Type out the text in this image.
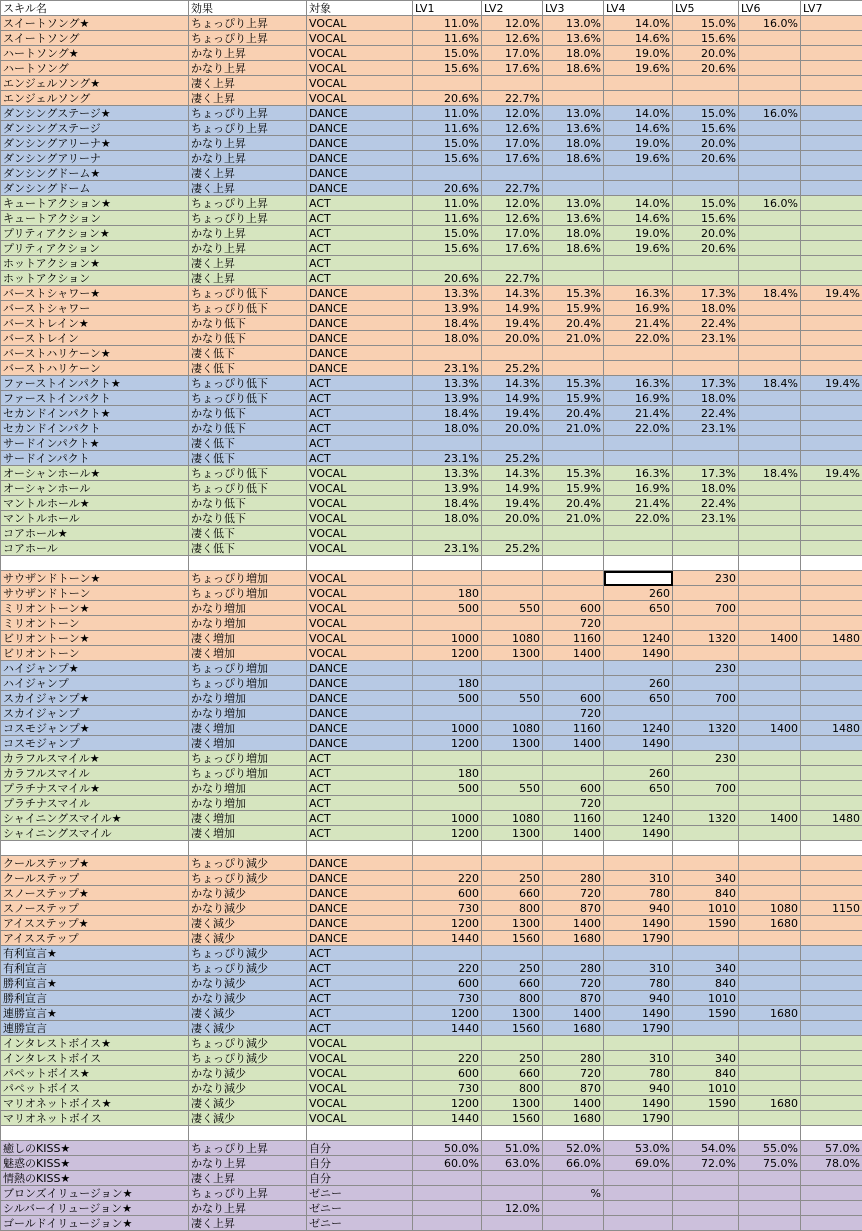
スキル名	効果	対象	LV1	LV2	LV3	LV4	LV5	LV6	LV7
スイートソング★	ちょっぴり上昇	VOCAL	11.0%	12.0%	13.0%	14.0%	15.0%	16.0%	
スイートソング	ちょっぴり上昇	VOCAL	11.6%	12.6%	13.6%	14.6%	15.6%		
ハートソング★	かなり上昇	VOCAL	15.0%	17.0%	18.0%	19.0%	20.0%		
ハートソング	かなり上昇	VOCAL	15.6%	17.6%	18.6%	19.6%	20.6%		
エンジェルソング★	凄く上昇	VOCAL							
エンジェルソング	凄く上昇	VOCAL	20.6%	22.7%					
ダンシングステージ★	ちょっぴり上昇	DANCE	11.0%	12.0%	13.0%	14.0%	15.0%	16.0%	
ダンシングステージ	ちょっぴり上昇	DANCE	11.6%	12.6%	13.6%	14.6%	15.6%		
ダンシングアリーナ★	かなり上昇	DANCE	15.0%	17.0%	18.0%	19.0%	20.0%		
ダンシングアリーナ	かなり上昇	DANCE	15.6%	17.6%	18.6%	19.6%	20.6%		
ダンシングドーム★	凄く上昇	DANCE							
ダンシングドーム	凄く上昇	DANCE	20.6%	22.7%					
キュートアクション★	ちょっぴり上昇	ACT	11.0%	12.0%	13.0%	14.0%	15.0%	16.0%	
キュートアクション	ちょっぴり上昇	ACT	11.6%	12.6%	13.6%	14.6%	15.6%		
プリティアクション★	かなり上昇	ACT	15.0%	17.0%	18.0%	19.0%	20.0%		
プリティアクション	かなり上昇	ACT	15.6%	17.6%	18.6%	19.6%	20.6%		
ホットアクション★	凄く上昇	ACT							
ホットアクション	凄く上昇	ACT	20.6%	22.7%					
バーストシャワー★	ちょっぴり低下	DANCE	13.3%	14.3%	15.3%	16.3%	17.3%	18.4%	19.4%
バーストシャワー	ちょっぴり低下	DANCE	13.9%	14.9%	15.9%	16.9%	18.0%		
バーストレイン★	かなり低下	DANCE	18.4%	19.4%	20.4%	21.4%	22.4%		
バーストレイン	かなり低下	DANCE	18.0%	20.0%	21.0%	22.0%	23.1%		
バーストハリケーン★	凄く低下	DANCE							
バーストハリケーン	凄く低下	DANCE	23.1%	25.2%					
ファーストインパクト★	ちょっぴり低下	ACT	13.3%	14.3%	15.3%	16.3%	17.3%	18.4%	19.4%
ファーストインパクト	ちょっぴり低下	ACT	13.9%	14.9%	15.9%	16.9%	18.0%		
セカンドインパクト★	かなり低下	ACT	18.4%	19.4%	20.4%	21.4%	22.4%		
セカンドインパクト	かなり低下	ACT	18.0%	20.0%	21.0%	22.0%	23.1%		
サードインパクト★	凄く低下	ACT							
サードインパクト	凄く低下	ACT	23.1%	25.2%					
オーシャンホール★	ちょっぴり低下	VOCAL	13.3%	14.3%	15.3%	16.3%	17.3%	18.4%	19.4%
オーシャンホール	ちょっぴり低下	VOCAL	13.9%	14.9%	15.9%	16.9%	18.0%		
マントルホール★	かなり低下	VOCAL	18.4%	19.4%	20.4%	21.4%	22.4%		
マントルホール	かなり低下	VOCAL	18.0%	20.0%	21.0%	22.0%	23.1%		
コアホール★	凄く低下	VOCAL							
コアホール	凄く低下	VOCAL	23.1%	25.2%					

サウザンドトーン★	ちょっぴり増加	VOCAL					230		
サウザンドトーン	ちょっぴり増加	VOCAL	180			260			
ミリオントーン★	かなり増加	VOCAL	500	550	600	650	700		
ミリオントーン	かなり増加	VOCAL			720				
ビリオントーン★	凄く増加	VOCAL	1000	1080	1160	1240	1320	1400	1480
ビリオントーン	凄く増加	VOCAL	1200	1300	1400	1490			
ハイジャンプ★	ちょっぴり増加	DANCE					230		
ハイジャンプ	ちょっぴり増加	DANCE	180			260			
スカイジャンプ★	かなり増加	DANCE	500	550	600	650	700		
スカイジャンプ	かなり増加	DANCE			720				
コスモジャンプ★	凄く増加	DANCE	1000	1080	1160	1240	1320	1400	1480
コスモジャンプ	凄く増加	DANCE	1200	1300	1400	1490			
カラフルスマイル★	ちょっぴり増加	ACT					230		
カラフルスマイル	ちょっぴり増加	ACT	180			260			
プラチナスマイル★	かなり増加	ACT	500	550	600	650	700		
プラチナスマイル	かなり増加	ACT			720				
シャイニングスマイル★	凄く増加	ACT	1000	1080	1160	1240	1320	1400	1480
シャイニングスマイル	凄く増加	ACT	1200	1300	1400	1490			

クールステップ★	ちょっぴり減少	DANCE							
クールステップ	ちょっぴり減少	DANCE	220	250	280	310	340		
スノーステップ★	かなり減少	DANCE	600	660	720	780	840		
スノーステップ	かなり減少	DANCE	730	800	870	940	1010	1080	1150
アイスステップ★	凄く減少	DANCE	1200	1300	1400	1490	1590	1680	
アイスステップ	凄く減少	DANCE	1440	1560	1680	1790			
有利宣言★	ちょっぴり減少	ACT							
有利宣言	ちょっぴり減少	ACT	220	250	280	310	340		
勝利宣言★	かなり減少	ACT	600	660	720	780	840		
勝利宣言	かなり減少	ACT	730	800	870	940	1010		
連勝宣言★	凄く減少	ACT	1200	1300	1400	1490	1590	1680	
連勝宣言	凄く減少	ACT	1440	1560	1680	1790			
インタレストボイス★	ちょっぴり減少	VOCAL							
インタレストボイス	ちょっぴり減少	VOCAL	220	250	280	310	340		
パペットボイス★	かなり減少	VOCAL	600	660	720	780	840		
パペットボイス	かなり減少	VOCAL	730	800	870	940	1010		
マリオネットボイス★	凄く減少	VOCAL	1200	1300	1400	1490	1590	1680	
マリオネットボイス	凄く減少	VOCAL	1440	1560	1680	1790			

癒しのKISS★	ちょっぴり上昇	自分	50.0%	51.0%	52.0%	53.0%	54.0%	55.0%	57.0%
魅惑のKISS★	かなり上昇	自分	60.0%	63.0%	66.0%	69.0%	72.0%	75.0%	78.0%
情熱のKISS★	凄く上昇	自分							
ブロンズイリュージョン★	ちょっぴり上昇	ゼニー			%				
シルバーイリュージョン★	かなり上昇	ゼニー		12.0%					
ゴールドイリュージョン★	凄く上昇	ゼニー							
